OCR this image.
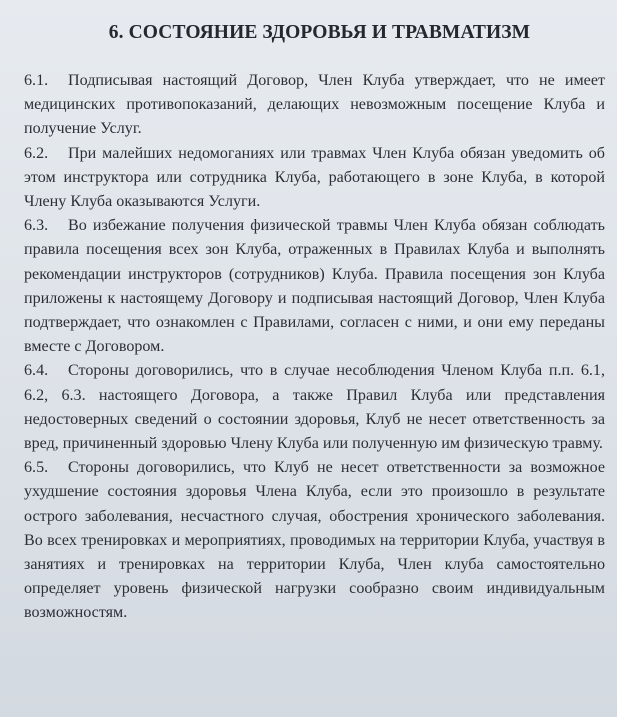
6. СОСТОЯНИЕ ЗДОРОВЬЯ И ТРАВМАТИЗМ

6.1. Подписывая настоящий Договор, Член Клуба утверждает, что не имеет медицинских противопоказаний, делающих невозможным посещение Клуба и получение Услуг.

6.2. При малейших недомоганиях или травмах Член Клуба обязан уведомить об этом инструктора или сотрудника Клуба, работающего в зоне Клуба, в которой Члену Клуба оказываются Услуги.

6.3. Во избежание получения физической травмы Член Клуба обязан соблюдать правила посещения всех зон Клуба, отраженных в Правилах Клуба и выполнять рекомендации инструкторов (сотрудников) Клуба. Правила посещения зон Клуба приложены к настоящему Договору и подписывая настоящий Договор, Член Клуба подтверждает, что ознакомлен с Правилами, согласен с ними, и они ему переданы вместе с Договором.

6.4. Стороны договорились, что в случае несоблюдения Членом Клуба п.п. 6.1, 6.2, 6.3. настоящего Договора, а также Правил Клуба или представления недостоверных сведений о состоянии здоровья, Клуб не несет ответственность за вред, причиненный здоровью Члену Клуба или полученную им физическую травму.

6.5. Стороны договорились, что Клуб не несет ответственности за возможное ухудшение состояния здоровья Члена Клуба, если это произошло в результате острого заболевания, несчастного случая, обострения хронического заболевания. Во всех тренировках и мероприятиях, проводимых на территории Клуба, участвуя в занятиях и тренировках на территории Клуба, Член клуба самостоятельно определяет уровень физической нагрузки сообразно своим индивидуальным возможностям.
